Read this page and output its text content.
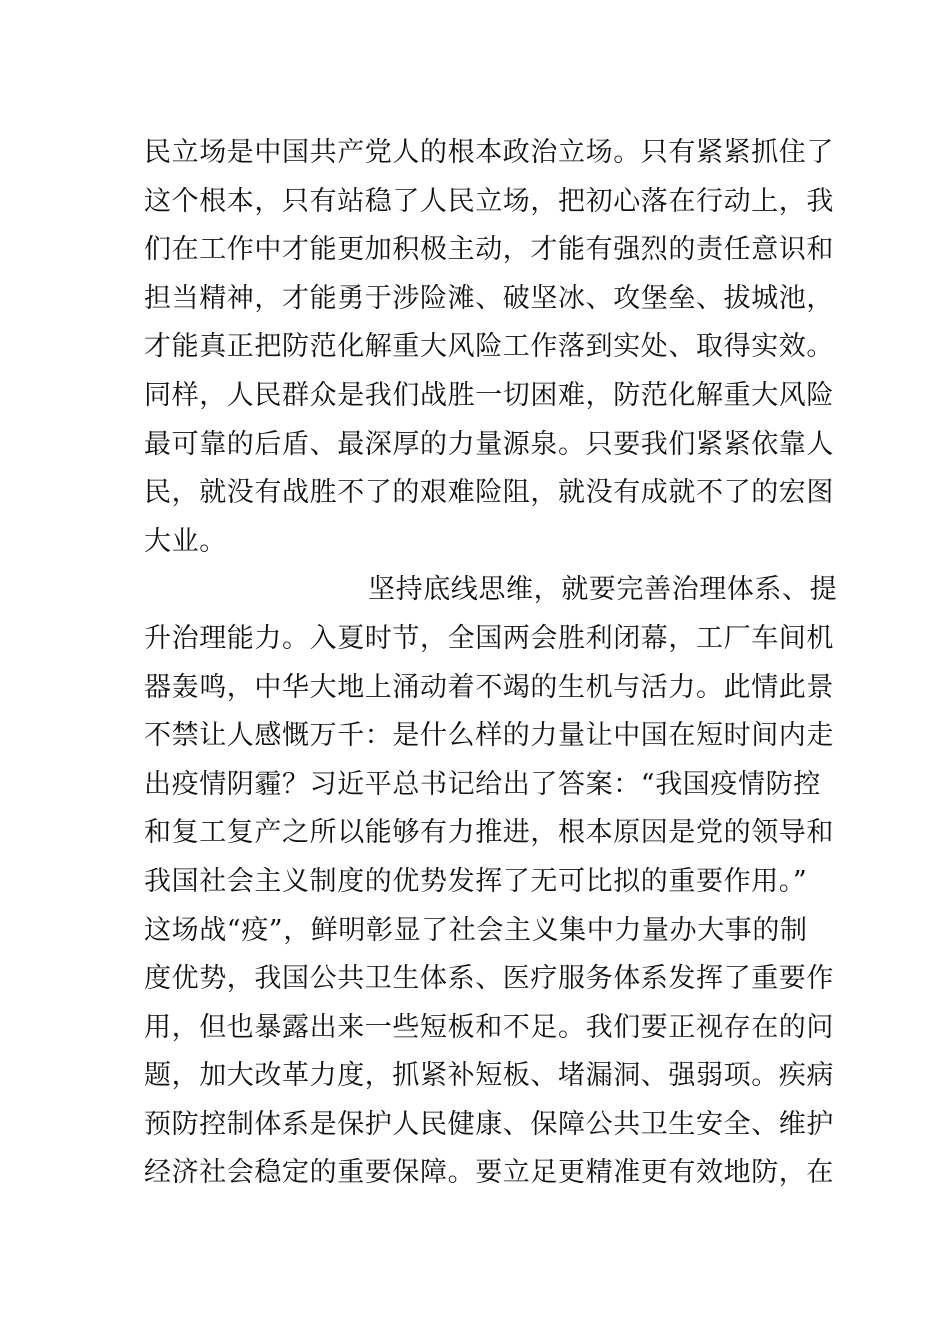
民立场是中国共产党人的根本政治立场。只有紧紧抓住了
这个根本，只有站稳了人民立场，把初心落在行动上，我
们在工作中才能更加积极主动，才能有强烈的责任意识和
担当精神，才能勇于涉险滩、破坚冰、攻堡垒、拔城池，
才能真正把防范化解重大风险工作落到实处、取得实效。
同样，人民群众是我们战胜一切困难，防范化解重大风险
最可靠的后盾、最深厚的力量源泉。只要我们紧紧依靠人
民，就没有战胜不了的艰难险阻，就没有成就不了的宏图
大业。
坚持底线思维，就要完善治理体系、提
升治理能力。入夏时节，全国两会胜利闭幕，工厂车间机
器轰鸣，中华大地上涌动着不竭的生机与活力。此情此景
不禁让人感慨万千：是什么样的力量让中国在短时间内走
出疫情阴霾？习近平总书记给出了答案：“我国疫情防控
和复工复产之所以能够有力推进，根本原因是党的领导和
我国社会主义制度的优势发挥了无可比拟的重要作用。”
这场战“疫”，鲜明彰显了社会主义集中力量办大事的制
度优势，我国公共卫生体系、医疗服务体系发挥了重要作
用，但也暴露出来一些短板和不足。我们要正视存在的问
题，加大改革力度，抓紧补短板、堵漏洞、强弱项。疾病
预防控制体系是保护人民健康、保障公共卫生安全、维护
经济社会稳定的重要保障。要立足更精准更有效地防，在
